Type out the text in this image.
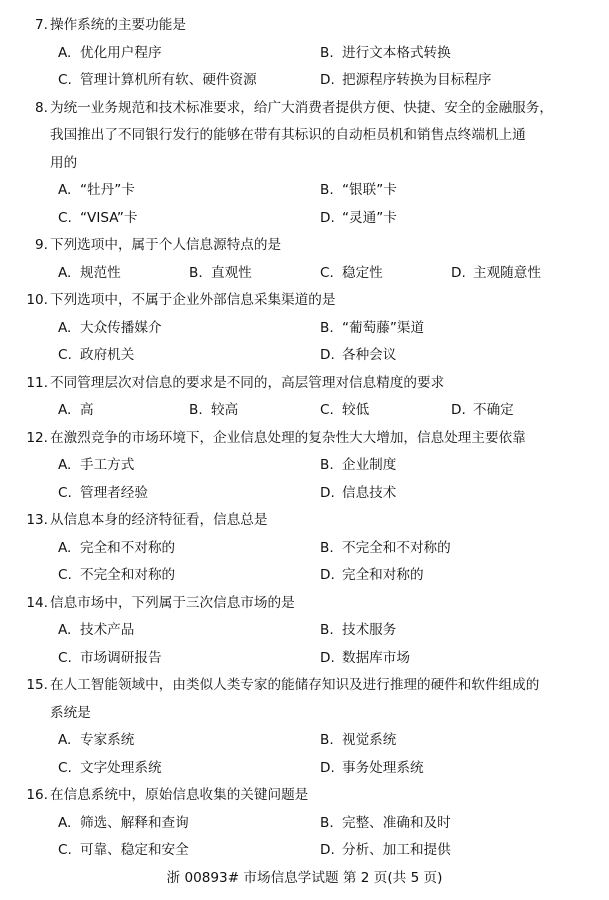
7. 操作系统的主要功能是
A. 优化用户程序	B. 进行文本格式转换
C. 管理计算机所有软、硬件资源	D. 把源程序转换为目标程序
8. 为统一业务规范和技术标准要求，给广大消费者提供方便、快捷、安全的金融服务，
我国推出了不同银行发行的能够在带有其标识的自动柜员机和销售点终端机上通
用的
A. “牡丹”卡	B. “银联”卡
C. “VISA”卡	D. “灵通”卡
9. 下列选项中，属于个人信息源特点的是
A. 规范性	B. 直观性	C. 稳定性	D. 主观随意性
10. 下列选项中，不属于企业外部信息采集渠道的是
A. 大众传播媒介	B. “葡萄藤”渠道
C. 政府机关	D. 各种会议
11. 不同管理层次对信息的要求是不同的，高层管理对信息精度的要求
A. 高	B. 较高	C. 较低	D. 不确定
12. 在激烈竞争的市场环境下，企业信息处理的复杂性大大增加，信息处理主要依靠
A. 手工方式	B. 企业制度
C. 管理者经验	D. 信息技术
13. 从信息本身的经济特征看，信息总是
A. 完全和不对称的	B. 不完全和不对称的
C. 不完全和对称的	D. 完全和对称的
14. 信息市场中，下列属于三次信息市场的是
A. 技术产品	B. 技术服务
C. 市场调研报告	D. 数据库市场
15. 在人工智能领域中，由类似人类专家的能储存知识及进行推理的硬件和软件组成的
系统是
A. 专家系统	B. 视觉系统
C. 文字处理系统	D. 事务处理系统
16. 在信息系统中，原始信息收集的关键问题是
A. 筛选、解释和查询	B. 完整、准确和及时
C. 可靠、稳定和安全	D. 分析、加工和提供
浙 00893# 市场信息学试题 第 2 页(共 5 页)
